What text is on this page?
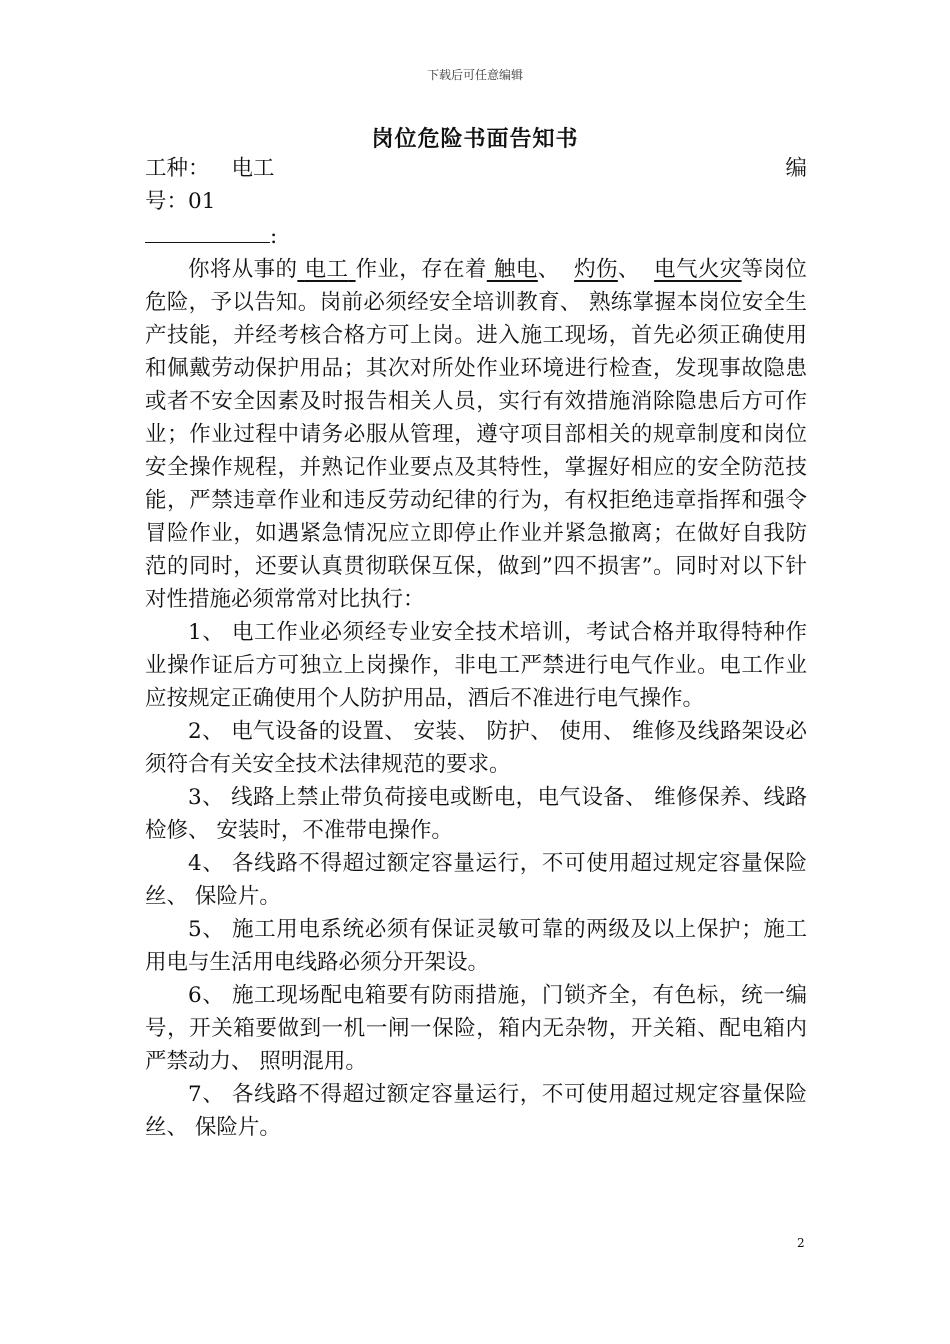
下载后可任意编辑
岗位危险书面告知书
工种： 电工	编
号：01
:

你将从事的 电工 作业，存在着 触电、 灼伤、 电气火灾等岗位危险，予以告知。岗前必须经安全培训教育、 熟练掌握本岗位安全生产技能，并经考核合格方可上岗。进入施工现场，首先必须正确使用和佩戴劳动保护用品；其次对所处作业环境进行检查，发现事故隐患或者不安全因素及时报告相关人员，实行有效措施消除隐患后方可作业；作业过程中请务必服从管理，遵守项目部相关的规章制度和岗位安全操作规程，并熟记作业要点及其特性，掌握好相应的安全防范技能，严禁违章作业和违反劳动纪律的行为，有权拒绝违章指挥和强令冒险作业，如遇紧急情况应立即停止作业并紧急撤离；在做好自我防范的同时，还要认真贯彻联保互保，做到”四不损害”。同时对以下针对性措施必须常常对比执行：

1、 电工作业必须经专业安全技术培训，考试合格并取得特种作业操作证后方可独立上岗操作，非电工严禁进行电气作业。电工作业应按规定正确使用个人防护用品，酒后不准进行电气操作。

2、 电气设备的设置、 安装、 防护、 使用、 维修及线路架设必须符合有关安全技术法律规范的要求。

3、 线路上禁止带负荷接电或断电，电气设备、 维修保养、线路检修、 安装时，不准带电操作。

4、 各线路不得超过额定容量运行，不可使用超过规定容量保险丝、 保险片。

5、 施工用电系统必须有保证灵敏可靠的两级及以上保护；施工用电与生活用电线路必须分开架设。

6、 施工现场配电箱要有防雨措施，门锁齐全，有色标，统一编号，开关箱要做到一机一闸一保险，箱内无杂物，开关箱、配电箱内严禁动力、 照明混用。

7、 各线路不得超过额定容量运行，不可使用超过规定容量保险丝、 保险片。

2
